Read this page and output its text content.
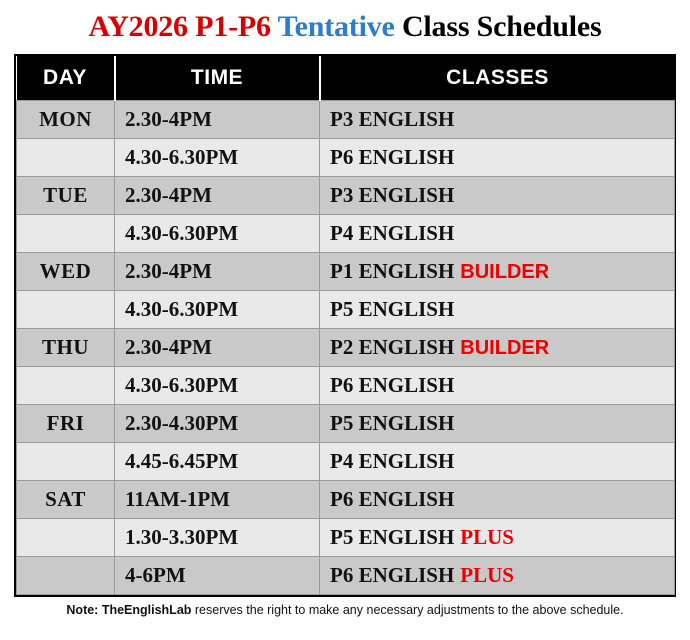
AY2026 P1-P6 Tentative Class Schedules
DAY	TIME	CLASSES
MON	2.30-4PM	P3 ENGLISH

	4.30-6.30PM	P6 ENGLISH

TUE	2.30-4PM	P3 ENGLISH

	4.30-6.30PM	P4 ENGLISH

WED	2.30-4PM	P1 ENGLISH BUILDER

	4.30-6.30PM	P5 ENGLISH

THU	2.30-4PM	P2 ENGLISH BUILDER

	4.30-6.30PM	P6 ENGLISH

FRI	2.30-4.30PM	P5 ENGLISH

	4.45-6.45PM	P4 ENGLISH

SAT	11AM-1PM	P6 ENGLISH

	1.30-3.30PM	P5 ENGLISH PLUS

	4-6PM	P6 ENGLISH PLUS
Note: TheEnglishLab reserves the right to make any necessary adjustments to the above schedule.
